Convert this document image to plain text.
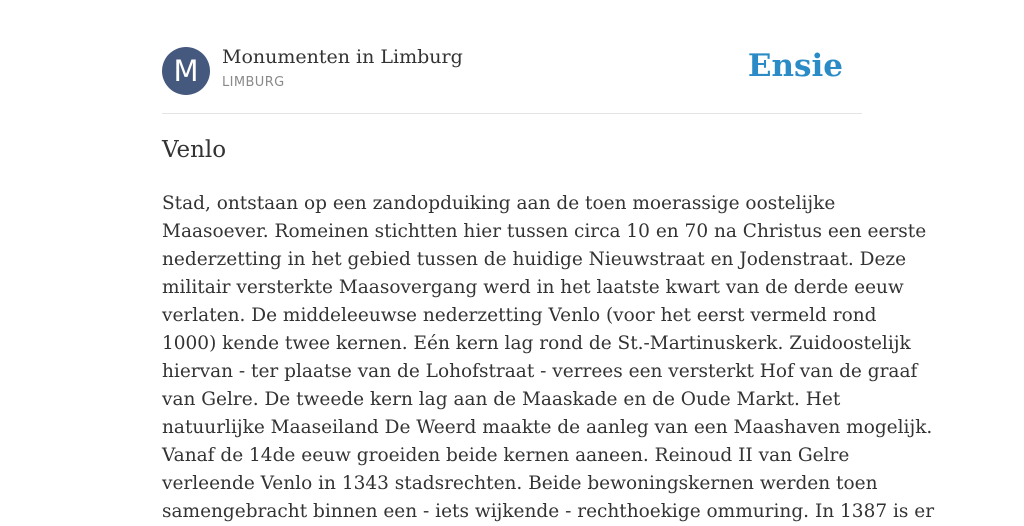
M	Monumenten in Limburg
LIMBURG	Ensie
Venlo
Stad, ontstaan op een zandopduiking aan de toen moerassige oostelijke
Maasoever. Romeinen stichtten hier tussen circa 10 en 70 na Christus een eerste
nederzetting in het gebied tussen de huidige Nieuwstraat en Jodenstraat. Deze
militair versterkte Maasovergang werd in het laatste kwart van de derde eeuw
verlaten. De middeleeuwse nederzetting Venlo (voor het eerst vermeld rond
1000) kende twee kernen. Eén kern lag rond de St.-Martinuskerk. Zuidoostelijk
hiervan - ter plaatse van de Lohofstraat - verrees een versterkt Hof van de graaf
van Gelre. De tweede kern lag aan de Maaskade en de Oude Markt. Het
natuurlijke Maaseiland De Weerd maakte de aanleg van een Maashaven mogelijk.
Vanaf de 14de eeuw groeiden beide kernen aaneen. Reinoud II van Gelre
verleende Venlo in 1343 stadsrechten. Beide bewoningskernen werden toen
samengebracht binnen een - iets wijkende - rechthoekige ommuring. In 1387 is er
